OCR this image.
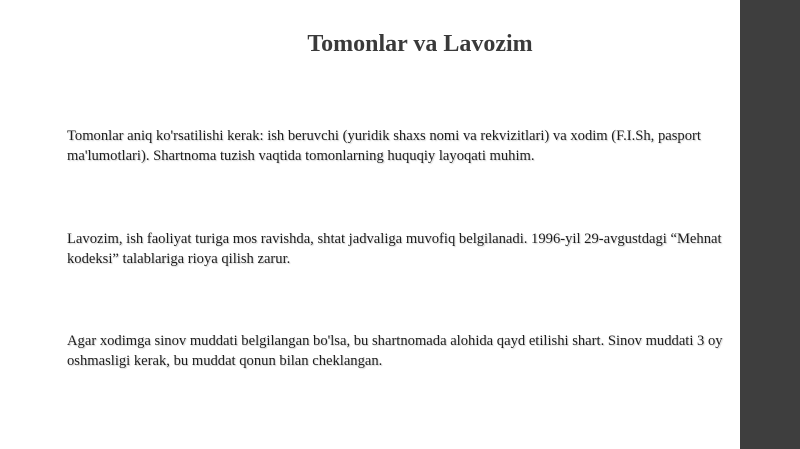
Tomonlar va Lavozim
Tomonlar aniq ko'rsatilishi kerak: ish beruvchi (yuridik shaxs nomi va rekvizitlari) va xodim (F.I.Sh, pasport
ma'lumotlari). Shartnoma tuzish vaqtida tomonlarning huquqiy layoqati muhim.
Lavozim, ish faoliyat turiga mos ravishda, shtat jadvaliga muvofiq belgilanadi. 1996-yil 29-avgustdagi “Mehnat
kodeksi” talablariga rioya qilish zarur.
Agar xodimga sinov muddati belgilangan bo'lsa, bu shartnomada alohida qayd etilishi shart. Sinov muddati 3 oy
oshmasligi kerak, bu muddat qonun bilan cheklangan.
